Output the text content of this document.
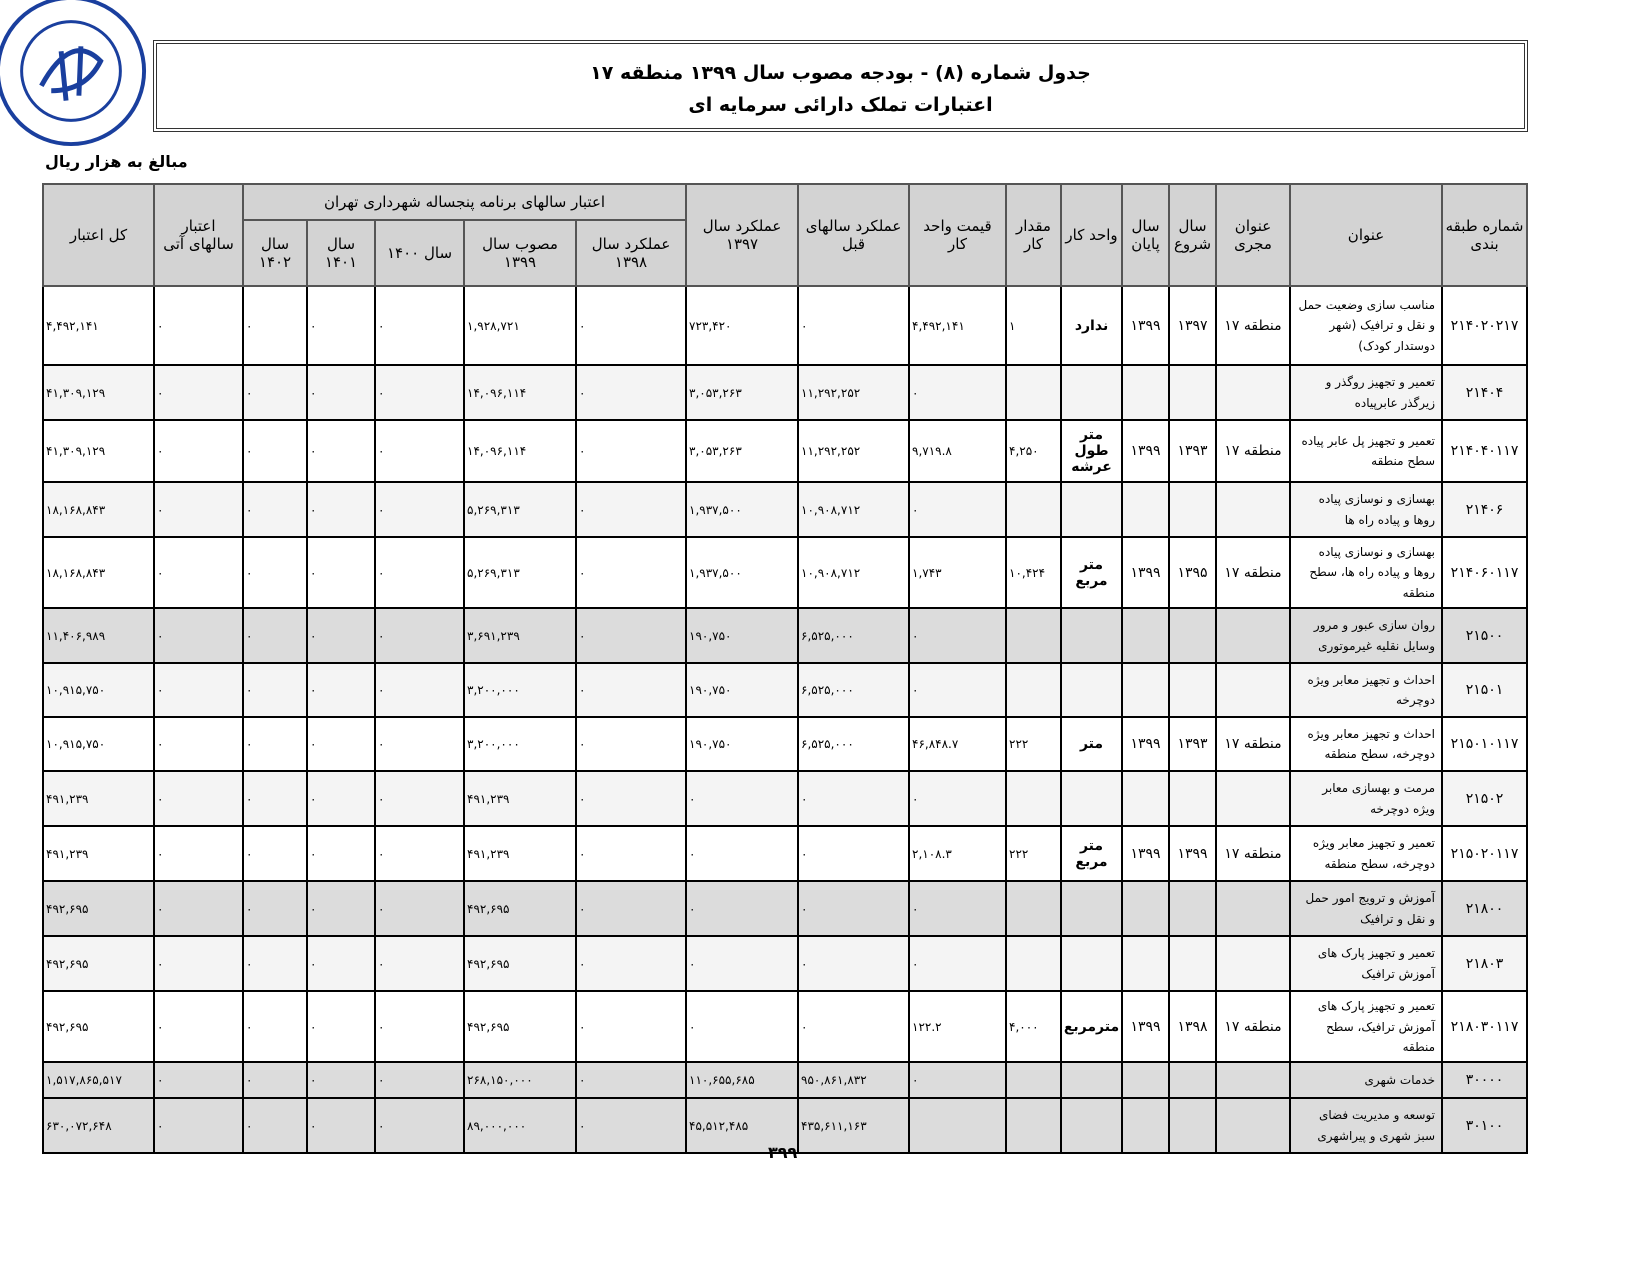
جدول شماره (۸) - بودجه مصوب سال ۱۳۹۹ منطقه ۱۷
اعتبارات تملک دارائی سرمایه ای
مبالغ به هزار ریال
شماره طبقه بندی	عنوان	عنوان مجری	سال شروع	سال پایان	واحد کار	مقدار کار	قیمت واحد کار	عملکرد سالهای قبل	عملکرد سال ۱۳۹۷	اعتبار سالهای برنامه پنجساله شهرداری تهران					اعتبار سالهای آتی	کل اعتبار
										عملکرد سال ۱۳۹۸	مصوب سال ۱۳۹۹	سال ۱۴۰۰	سال ۱۴۰۱	سال ۱۴۰۲		
۲۱۴۰۲۰۲۱۷	مناسب سازی وضعیت حمل و نقل و ترافیک (شهر دوستدار کودک)	منطقه ۱۷	۱۳۹۷	۱۳۹۹	ندارد	۱	۴,۴۹۲,۱۴۱	۰	۷۲۳,۴۲۰	۰	۱,۹۲۸,۷۲۱	۰	۰	۰	۰	۴,۴۹۲,۱۴۱
۲۱۴۰۴	تعمیر و تجهیز روگذر و زیرگذر عابرپیاده						۰	۱۱,۲۹۲,۲۵۲	۳,۰۵۳,۲۶۳	۰	۱۴,۰۹۶,۱۱۴	۰	۰	۰	۰	۴۱,۳۰۹,۱۲۹
۲۱۴۰۴۰۱۱۷	تعمیر و تجهیز پل عابر پیاده سطح منطقه	منطقه ۱۷	۱۳۹۳	۱۳۹۹	متر طول عرشه	۴,۲۵۰	۹,۷۱۹.۸	۱۱,۲۹۲,۲۵۲	۳,۰۵۳,۲۶۳	۰	۱۴,۰۹۶,۱۱۴	۰	۰	۰	۰	۴۱,۳۰۹,۱۲۹
۲۱۴۰۶	بهسازی و نوسازی پیاده روها و پیاده راه ها						۰	۱۰,۹۰۸,۷۱۲	۱,۹۳۷,۵۰۰	۰	۵,۲۶۹,۳۱۳	۰	۰	۰	۰	۱۸,۱۶۸,۸۴۳
۲۱۴۰۶۰۱۱۷	بهسازی و نوسازی پیاده روها و پیاده راه ها، سطح منطقه	منطقه ۱۷	۱۳۹۵	۱۳۹۹	متر مربع	۱۰,۴۲۴	۱,۷۴۳	۱۰,۹۰۸,۷۱۲	۱,۹۳۷,۵۰۰	۰	۵,۲۶۹,۳۱۳	۰	۰	۰	۰	۱۸,۱۶۸,۸۴۳
۲۱۵۰۰	روان سازی عبور و مرور وسایل نقلیه غیرموتوری						۰	۶,۵۲۵,۰۰۰	۱۹۰,۷۵۰	۰	۳,۶۹۱,۲۳۹	۰	۰	۰	۰	۱۱,۴۰۶,۹۸۹
۲۱۵۰۱	احداث و تجهیز معابر ویژه دوچرخه						۰	۶,۵۲۵,۰۰۰	۱۹۰,۷۵۰	۰	۳,۲۰۰,۰۰۰	۰	۰	۰	۰	۱۰,۹۱۵,۷۵۰
۲۱۵۰۱۰۱۱۷	احداث و تجهیز معابر ویژه دوچرخه، سطح منطقه	منطقه ۱۷	۱۳۹۳	۱۳۹۹	متر	۲۲۲	۴۶,۸۴۸.۷	۶,۵۲۵,۰۰۰	۱۹۰,۷۵۰	۰	۳,۲۰۰,۰۰۰	۰	۰	۰	۰	۱۰,۹۱۵,۷۵۰
۲۱۵۰۲	مرمت و بهسازی معابر ویژه دوچرخه						۰	۰	۰	۰	۴۹۱,۲۳۹	۰	۰	۰	۰	۴۹۱,۲۳۹
۲۱۵۰۲۰۱۱۷	تعمیر و تجهیز معابر ویژه دوچرخه، سطح منطقه	منطقه ۱۷	۱۳۹۹	۱۳۹۹	متر مربع	۲۲۲	۲,۱۰۸.۳	۰	۰	۰	۴۹۱,۲۳۹	۰	۰	۰	۰	۴۹۱,۲۳۹
۲۱۸۰۰	آموزش و ترویج امور حمل و نقل و ترافیک						۰	۰	۰	۰	۴۹۲,۶۹۵	۰	۰	۰	۰	۴۹۲,۶۹۵
۲۱۸۰۳	تعمیر و تجهیز پارک های آموزش ترافیک						۰	۰	۰	۰	۴۹۲,۶۹۵	۰	۰	۰	۰	۴۹۲,۶۹۵
۲۱۸۰۳۰۱۱۷	تعمیر و تجهیز پارک های آموزش ترافیک، سطح منطقه	منطقه ۱۷	۱۳۹۸	۱۳۹۹	مترمربع	۴,۰۰۰	۱۲۲.۲	۰	۰	۰	۴۹۲,۶۹۵	۰	۰	۰	۰	۴۹۲,۶۹۵
۳۰۰۰۰	خدمات شهری						۰	۹۵۰,۸۶۱,۸۳۲	۱۱۰,۶۵۵,۶۸۵	۰	۲۶۸,۱۵۰,۰۰۰	۰	۰	۰	۰	۱,۵۱۷,۸۶۵,۵۱۷
۳۰۱۰۰	توسعه و مدیریت فضای سبز شهری و پیراشهری							۴۳۵,۶۱۱,۱۶۳	۴۵,۵۱۲,۴۸۵	۰	۸۹,۰۰۰,۰۰۰	۰	۰	۰	۰	۶۳۰,۰۷۲,۶۴۸
۳۹۹
